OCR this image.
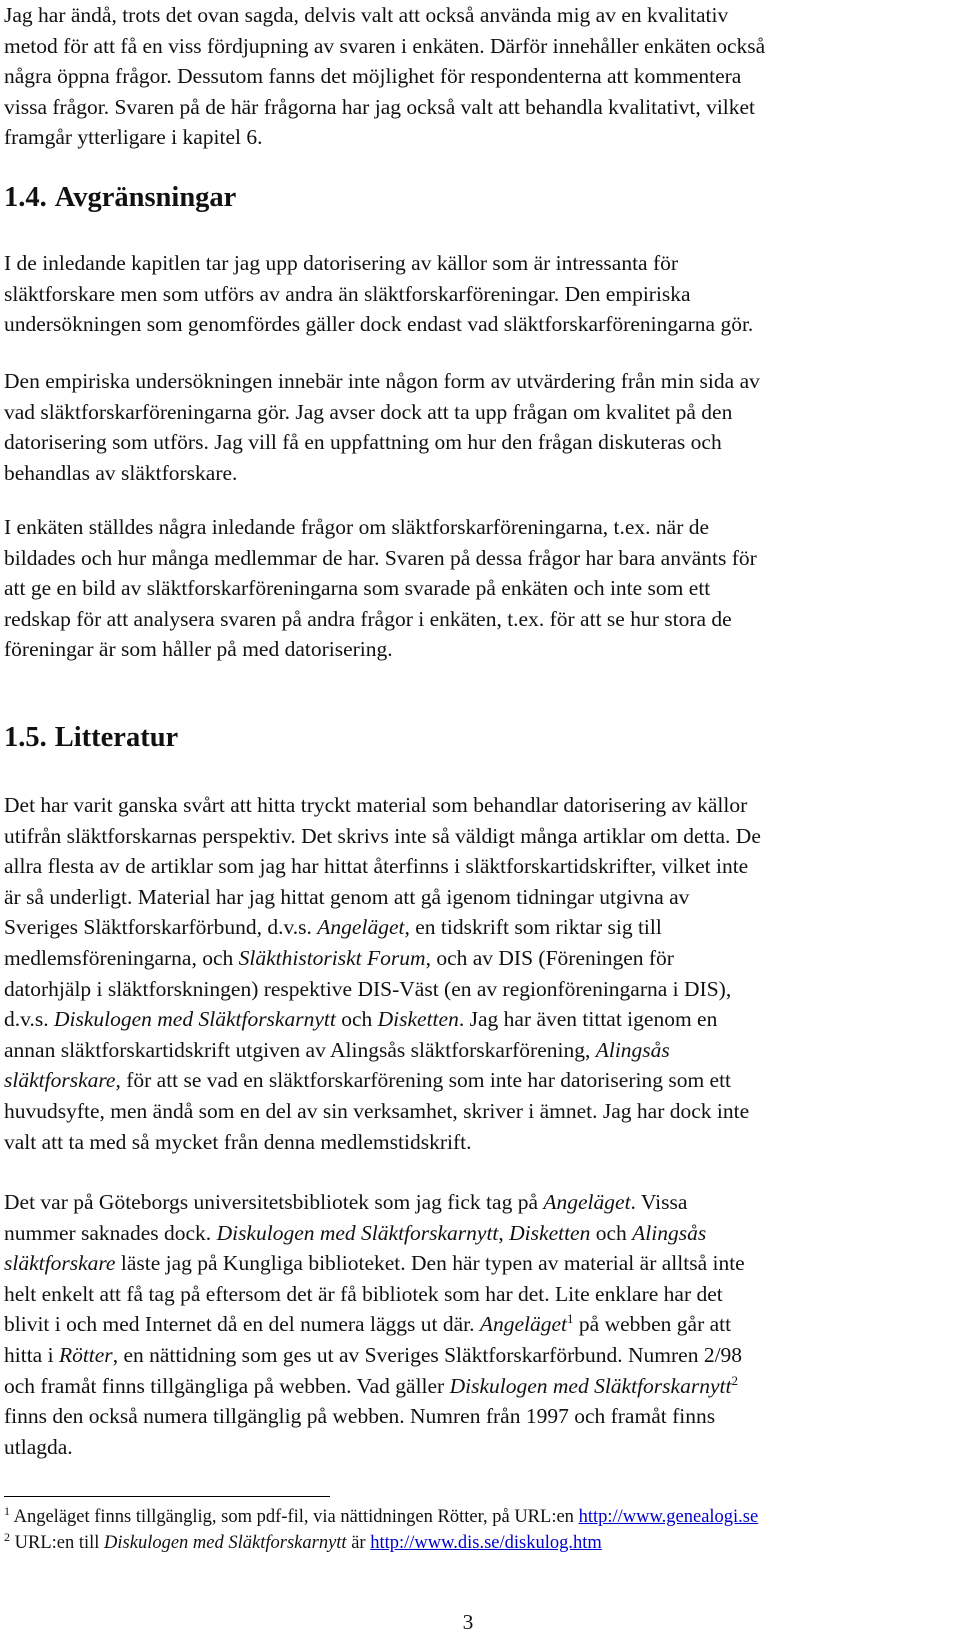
Jag har ändå, trots det ovan sagda, delvis valt att också använda mig av en kvalitativ
metod för att få en viss fördjupning av svaren i enkäten. Därför innehåller enkäten också
några öppna frågor. Dessutom fanns det möjlighet för respondenterna att kommentera
vissa frågor. Svaren på de här frågorna har jag också valt att behandla kvalitativt, vilket
framgår ytterligare i kapitel 6.

1.4. Avgränsningar

I de inledande kapitlen tar jag upp datorisering av källor som är intressanta för
släktforskare men som utförs av andra än släktforskarföreningar. Den empiriska
undersökningen som genomfördes gäller dock endast vad släktforskarföreningarna gör.

Den empiriska undersökningen innebär inte någon form av utvärdering från min sida av
vad släktforskarföreningarna gör. Jag avser dock att ta upp frågan om kvalitet på den
datorisering som utförs. Jag vill få en uppfattning om hur den frågan diskuteras och
behandlas av släktforskare.

I enkäten ställdes några inledande frågor om släktforskarföreningarna, t.ex. när de
bildades och hur många medlemmar de har. Svaren på dessa frågor har bara använts för
att ge en bild av släktforskarföreningarna som svarade på enkäten och inte som ett
redskap för att analysera svaren på andra frågor i enkäten, t.ex. för att se hur stora de
föreningar är som håller på med datorisering.

1.5. Litteratur

Det har varit ganska svårt att hitta tryckt material som behandlar datorisering av källor
utifrån släktforskarnas perspektiv. Det skrivs inte så väldigt många artiklar om detta. De
allra flesta av de artiklar som jag har hittat återfinns i släktforskartidskrifter, vilket inte
är så underligt. Material har jag hittat genom att gå igenom tidningar utgivna av
Sveriges Släktforskarförbund, d.v.s. Angeläget, en tidskrift som riktar sig till
medlemsföreningarna, och Släkthistoriskt Forum, och av DIS (Föreningen för
datorhjälp i släktforskningen) respektive DIS-Väst (en av regionföreningarna i DIS),
d.v.s. Diskulogen med Släktforskarnytt och Disketten. Jag har även tittat igenom en
annan släktforskartidskrift utgiven av Alingsås släktforskarförening, Alingsås
släktforskare, för att se vad en släktforskarförening som inte har datorisering som ett
huvudsyfte, men ändå som en del av sin verksamhet, skriver i ämnet. Jag har dock inte
valt att ta med så mycket från denna medlemstidskrift.

Det var på Göteborgs universitetsbibliotek som jag fick tag på Angeläget. Vissa
nummer saknades dock. Diskulogen med Släktforskarnytt, Disketten och Alingsås
släktforskare läste jag på Kungliga biblioteket. Den här typen av material är alltså inte
helt enkelt att få tag på eftersom det är få bibliotek som har det. Lite enklare har det
blivit i och med Internet då en del numera läggs ut där. Angeläget$^1$ på webben går att
hitta i Rötter, en nättidning som ges ut av Sveriges Släktforskarförbund. Numren 2/98
och framåt finns tillgängliga på webben. Vad gäller Diskulogen med Släktforskarnytt$^2$
finns den också numera tillgänglig på webben. Numren från 1997 och framåt finns
utlagda.

$^1$ Angeläget finns tillgänglig, som pdf-fil, via nättidningen Rötter, på URL:en http://www.genealogi.se

$^2$ URL:en till Diskulogen med Släktforskarnytt är http://www.dis.se/diskulog.htm

3
